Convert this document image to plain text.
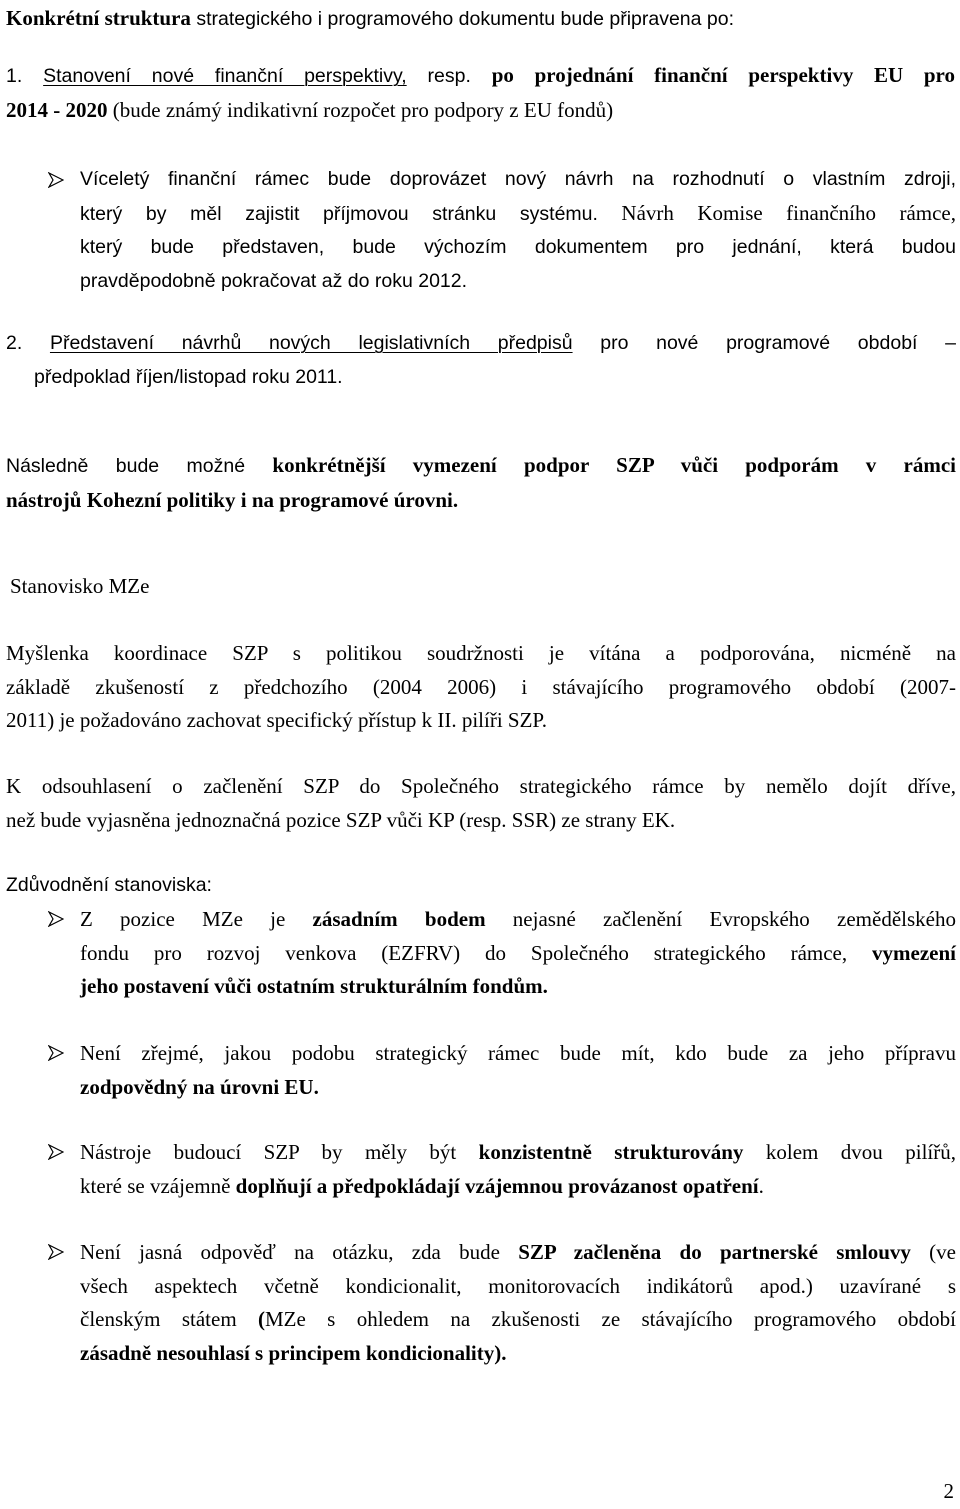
Konkrétní struktura strategického i programového dokumentu bude připravena po:
1. Stanovení nové finanční perspektivy, resp. po projednání finanční perspektivy EU pro
2014 - 2020 (bude známý indikativní rozpočet pro podpory z EU fondů)
Víceletý finanční rámec bude doprovázet nový návrh na rozhodnutí o vlastním zdroji,
který by měl zajistit příjmovou stránku systému. Návrh Komise finančního rámce,
který bude představen, bude výchozím dokumentem pro jednání, která budou
pravděpodobně pokračovat až do roku 2012.
2. Představení návrhů nových legislativních předpisů pro nové programové období –
předpoklad říjen/listopad roku 2011.
Následně bude možné konkrétnější vymezení podpor SZP vůči podporám v rámci
nástrojů Kohezní politiky i na programové úrovni.
Stanovisko MZe
Myšlenka koordinace SZP s politikou soudržnosti je vítána a podporována, nicméně na
základě zkušeností z předchozího (2004 2006) i stávajícího programového období (2007-
2011) je požadováno zachovat specifický přístup k II. pilíři SZP.
K odsouhlasení o začlenění SZP do Společného strategického rámce by nemělo dojít dříve,
než bude vyjasněna jednoznačná pozice SZP vůči KP (resp. SSR) ze strany EK.
Zdůvodnění stanoviska:
Z pozice MZe je zásadním bodem nejasné začlenění Evropského zemědělského
fondu pro rozvoj venkova (EZFRV) do Společného strategického rámce, vymezení
jeho postavení vůči ostatním strukturálním fondům.
Není zřejmé, jakou podobu strategický rámec bude mít, kdo bude za jeho přípravu
zodpovědný na úrovni EU.
Nástroje budoucí SZP by měly být konzistentně strukturovány kolem dvou pilířů,
které se vzájemně doplňují a předpokládají vzájemnou provázanost opatření.
Není jasná odpověď na otázku, zda bude SZP začleněna do partnerské smlouvy (ve
všech aspektech včetně kondicionalit, monitorovacích indikátorů apod.) uzavírané s
členským státem (MZe s ohledem na zkušenosti ze stávajícího programového období
zásadně nesouhlasí s principem kondicionality).
2
